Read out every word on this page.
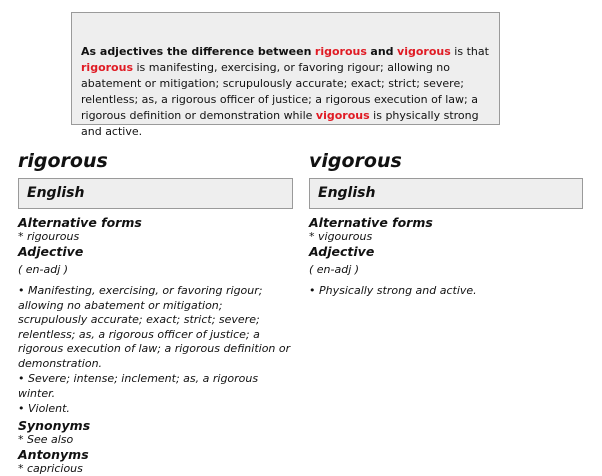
As adjectives the difference between rigorous and vigorous is that rigorous is manifesting, exercising, or favoring rigour; allowing no abatement or mitigation; scrupulously accurate; exact; strict; severe; relentless; as, a rigorous officer of justice; a rigorous execution of law; a rigorous definition or demonstration while vigorous is physically strong and active.
rigorous
English
Alternative forms
* rigourous
Adjective
( en-adj )
• Manifesting, exercising, or favoring rigour; allowing no abatement or mitigation; scrupulously accurate; exact; strict; severe; relentless; as, a rigorous officer of justice; a rigorous execution of law; a rigorous definition or demonstration.
• Severe; intense; inclement; as, a rigorous winter.
• Violent.
Synonyms
* See also
Antonyms
* capricious
vigorous
English
Alternative forms
* vigourous
Adjective
( en-adj )
• Physically strong and active.
